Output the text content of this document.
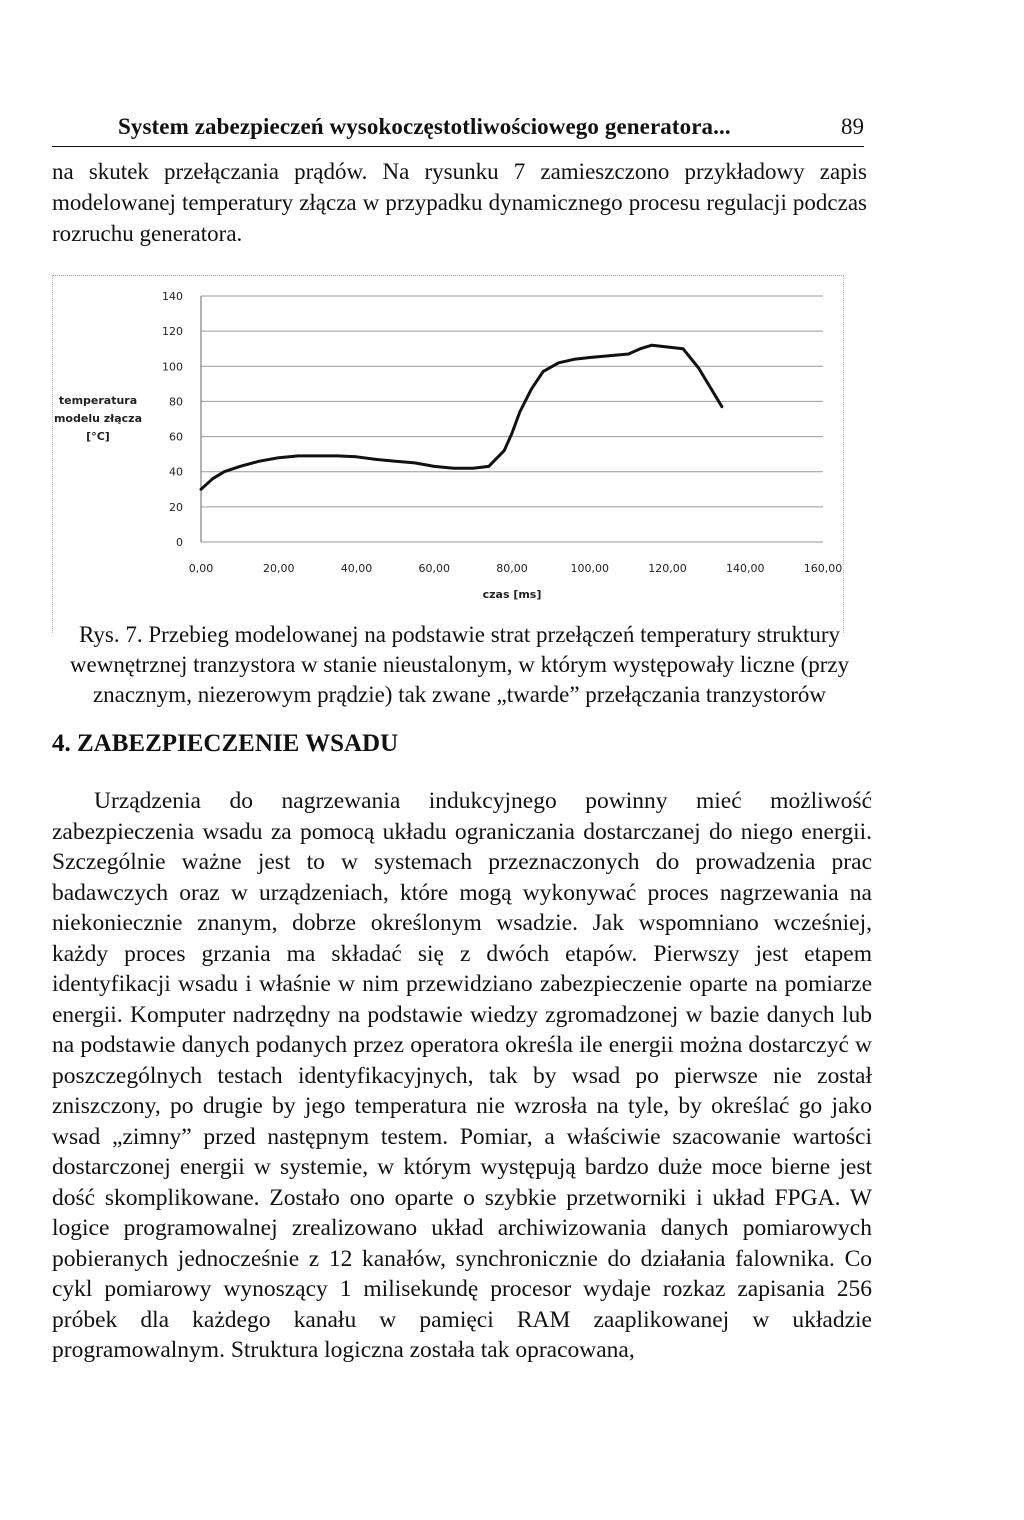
System zabezpieczeń wysokoczęstotliwościowego generatora...	89
na skutek przełączania prądów. Na rysunku 7 zamieszczono przykładowy zapis modelowanej temperatury złącza w przypadku dynamicznego procesu regulacji podczas rozruchu generatora.
0
20
40
60
80
100
120
140
0,00	20,00	40,00	60,00	80,00	100,00	120,00	140,00	160,00
czas [ms]
temperatura
modelu złącza
[°C]
Rys. 7. Przebieg modelowanej na podstawie strat przełączeń temperatury struktury wewnętrznej tranzystora w stanie nieustalonym, w którym występowały liczne (przy znacznym, niezerowym prądzie) tak zwane „twarde” przełączania tranzystorów
4. ZABEZPIECZENIE WSADU

Urządzenia do nagrzewania indukcyjnego powinny mieć możliwość zabezpieczenia wsadu za pomocą układu ograniczania dostarczanej do niego energii. Szczególnie ważne jest to w systemach przeznaczonych do prowadzenia prac badawczych oraz w urządzeniach, które mogą wykonywać proces nagrzewania na niekoniecznie znanym, dobrze określonym wsadzie. Jak wspomniano wcześniej, każdy proces grzania ma składać się z dwóch etapów. Pierwszy jest etapem identyfikacji wsadu i właśnie w nim przewidziano zabezpieczenie oparte na pomiarze energii. Komputer nadrzędny na podstawie wiedzy zgromadzonej w bazie danych lub na podstawie danych podanych przez operatora określa ile energii można dostarczyć w poszczególnych testach identyfikacyjnych, tak by wsad po pierwsze nie został zniszczony, po drugie by jego temperatura nie wzrosła na tyle, by określać go jako wsad „zimny” przed następnym testem. Pomiar, a właściwie szacowanie wartości dostarczonej energii w systemie, w którym występują bardzo duże moce bierne jest dość skomplikowane. Zostało ono oparte o szybkie przetworniki i układ FPGA. W logice programowalnej zrealizowano układ archiwizowania danych pomiarowych pobieranych jednocześnie z 12 kanałów, synchronicznie do działania falownika. Co cykl pomiarowy wynoszący 1 milisekundę procesor wydaje rozkaz zapisania 256 próbek dla każdego kanału w pamięci RAM zaaplikowanej w układzie programowalnym. Struktura logiczna została tak opracowana,
